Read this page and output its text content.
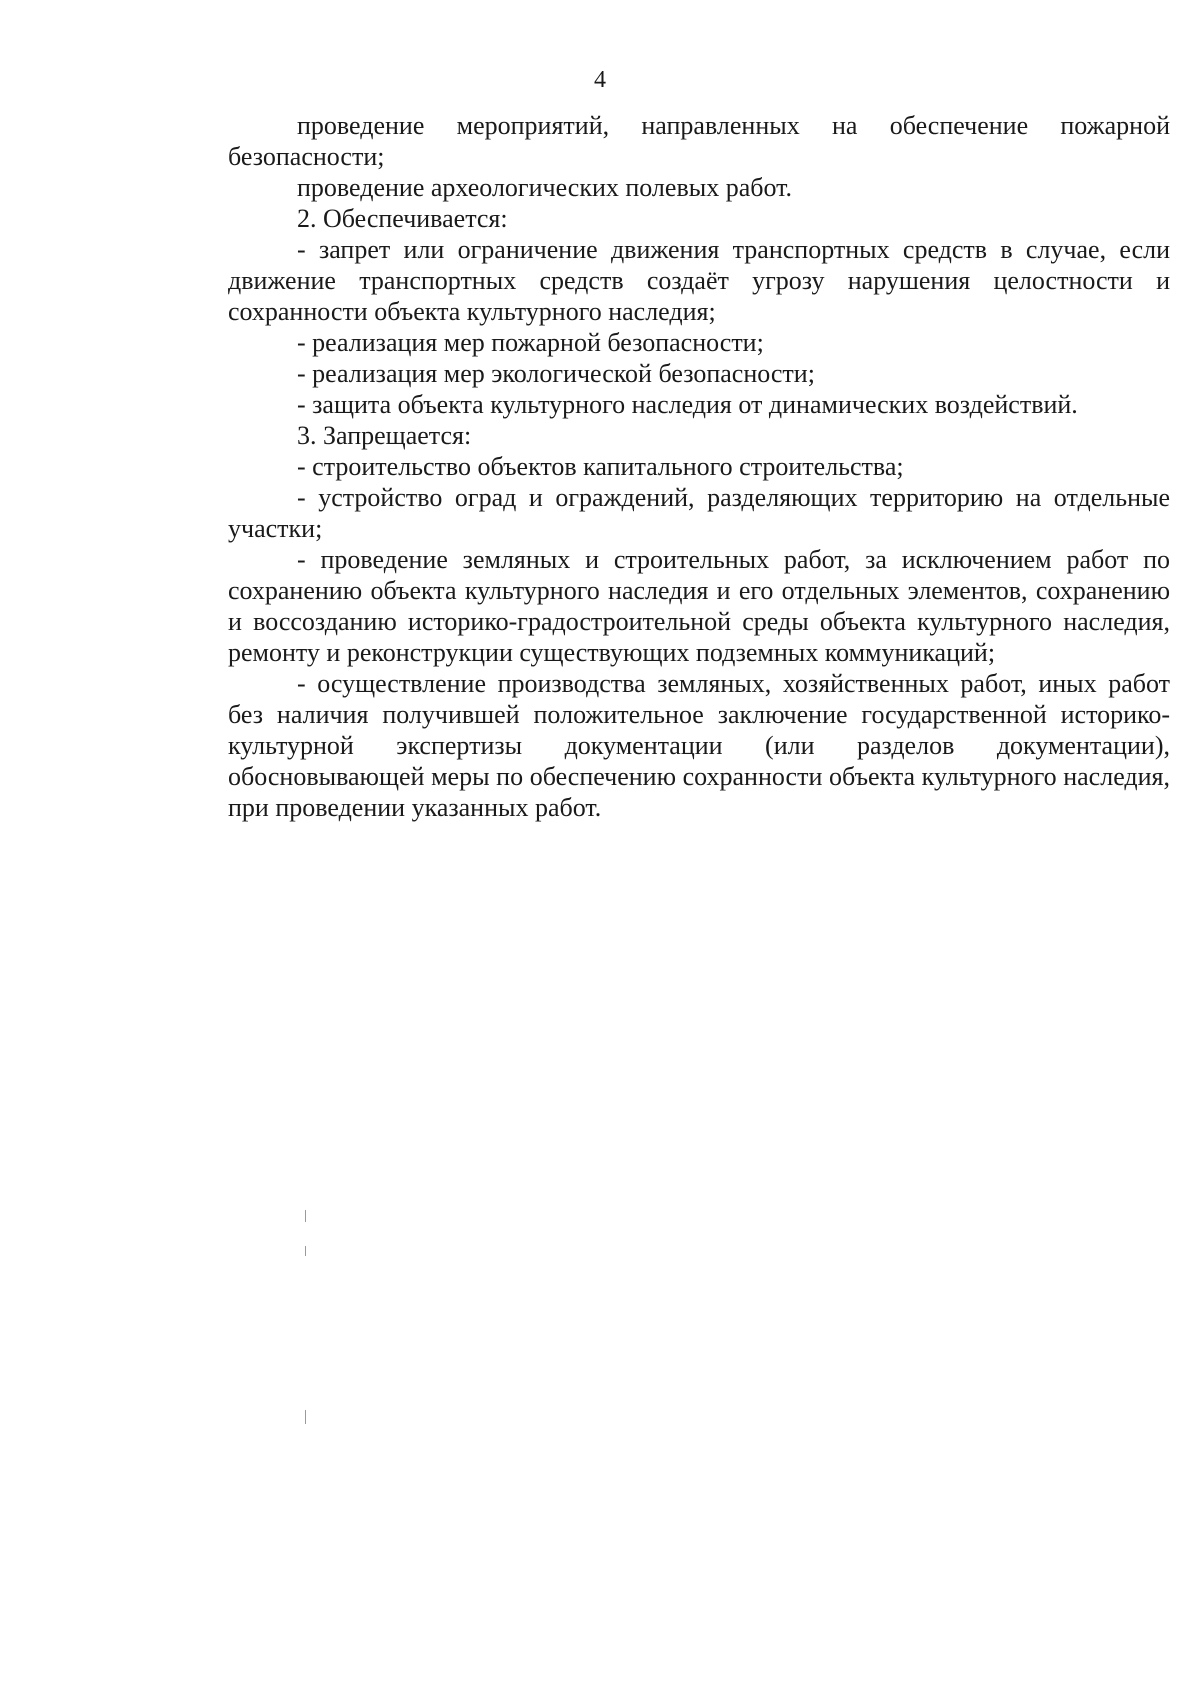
4

проведение мероприятий, направленных на обеспечение пожарной безопасности;

проведение археологических полевых работ.

2. Обеспечивается:

- запрет или ограничение движения транспортных средств в случае, если движение транспортных средств создаёт угрозу нарушения целостности и сохранности объекта культурного наследия;

- реализация мер пожарной безопасности;

- реализация мер экологической безопасности;

- защита объекта культурного наследия от динамических воздействий.

3. Запрещается:

- строительство объектов капитального строительства;

- устройство оград и ограждений, разделяющих территорию на отдельные участки;

- проведение земляных и строительных работ, за исключением работ по сохранению объекта культурного наследия и его отдельных элементов, сохранению и воссозданию историко-градостроительной среды объекта культурного наследия, ремонту и реконструкции существующих подземных коммуникаций;

- осуществление производства земляных, хозяйственных работ, иных работ без наличия получившей положительное заключение государственной историко-культурной экспертизы документации (или разделов документации), обосновывающей меры по обеспечению сохранности объекта культурного наследия, при проведении указанных работ.
